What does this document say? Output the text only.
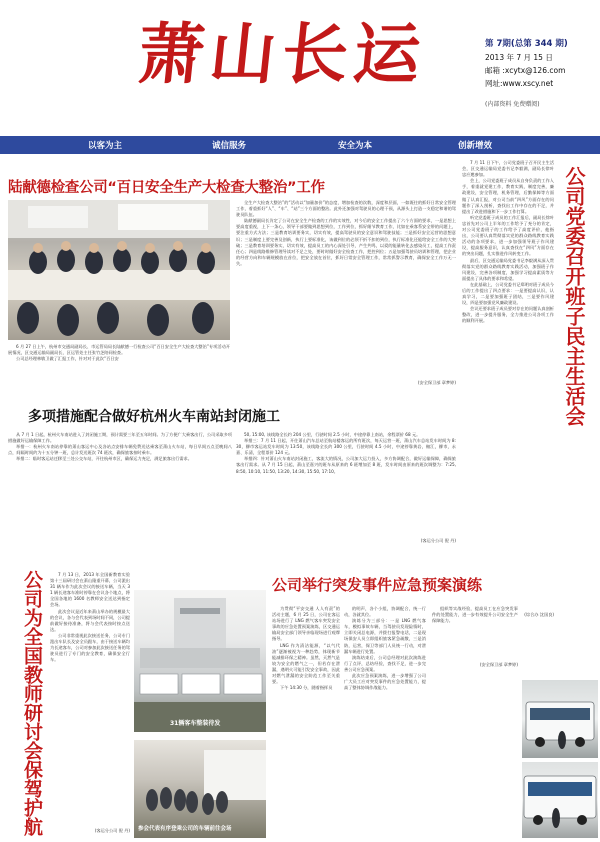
萧山长运	第 7期(总第 344 期)
2013 年 7 月 15 日
邮箱 :xcytx@126.com
网址:www.xscy.net
(内部资料 免费赠阅)
以客为主	诚信服务	安全为本	创新增效
陆献德检查公司“百日安全生产大检查大整治”工作

6 月 27 日上午，杭州市交通局副局长、市运管局局长陆献德一行检查公司“百日安全生产大检查大整治”专项活动开展情况，区交通运输局副局长、区运管处主任张竹芝陪同检查。

公司总经理林敏卫做了汇报工作，针对对于此次“百日安

全生产大检查大整治”的“活动以“加量加价”的态度，增加检查的次数，深度和层面，一如既往的抓好日常安全管理工作，着重抓好“人”、“车”、“站”三个方面的整治。此外还加强对驾驶员的心理干预，从源头上打造一支稳定和谐的驾驶员队伍。

陆献德副局长肯定了公司在安全生产检查的工作的实效性，对今后的安全工作提出了六个方面的要求，一是思想上要高度重视，上下一条心，领导干部要做到思想到位，工作到位，抓好细节教育工作，比如在乘客系安全带的问题上，要注重方式方法；三是教育培训要务实，切实有效，提高驾驶员的安全意识和驾驶技能；三是抓好安全运营的思想意识；三是制度上要完善及创新，执行上要标准化，该做到位的必须不折不扣的到位，执行标准化还能给安全工作的大突破；三是教育培训要务实，切实有效，提高员工的内心深处引导，产生共鸣，以爱的能量转化去感染员工，提高工作责任心；四是线路维修管理导读对不足之处，要时时做好安全检查工作，把控到位；五是加强驾驶员培训和管理，把企业的经营方向和车辆规模放在首位，把安全放在首位，抓好日常安全管理工作，常常抓警示教育，确保安全工作万无一失。

(安全保卫部 章梦婷)
多项措施配合做好杭州火车南站封闭施工

从 7 月 1 日起，杭州火车南站进入了封闭施工期，预计需要三年至五年时间。为了方便广大乘客出行，公司采取多项措施做好运输保障工作。

举措一：杭州火车南站停靠的萧山客运中心及各站点安排车辆免费送达乘客至萧山火车站，每日早间五点至晚间八点，间隔时间约为十五分钟一班，总计发送班次 74 班次，确保旅客按时乘车。

举措二：临时客运站迁移至三处公交车站，开往杭州市区，确保运力充足，满足旅客出行需求。

50, 15:00, 该线路全长约 204 公里，行驶时间 2.5 小时，中途停靠上南站，余程票价 68 元。

举措三：7 月 11 日起，开往萧山汽车总站至航站楼客运的所有班次，每天运营一班，萧山汽车总站发车时间为 8:30，柳市客运站发车时间为 13:50，该线路全长约 300 公里，行驶时间 4.5 小时，中途停靠黄岩，椒江，柳市，永嘉、乐清，全程票价 124 元。

举措四：针对萧山火车南站封闭施工，客流大的情况，公司加大运力投入，多方协调配合，做好运输保障，确保旅客出行需求。从 7 月 15 日起，萧山至嘉兴的班车从原来的 6 班增加至 8 班，发车时间由原来的班次调整为：7:25, 8:50, 10:10, 11:50, 13:20, 14:30, 15:50, 17:10。

(客运分公司 倪 丹)

7 月 11 日下午，公司党委班子召开民主生活会，区交通运输局党委书记李毅满，副局长徐叶忠应邀参加。

会上，公司党委班子成员从自身负责的工作入手，着重就党建工作，教育实践，制度完善，廉政建设，安全管理，机务管理，后勤保障等方面做了认真汇报，对公司当前“四风”方面存在的问题作了深入剖析，查找出工作中存在的不足，并提出了改进措施和下一步工作打算。

听完党委班子成员的工作汇报后，副局长徐叶忠首先对公司上半年的工作给予了充分的肯定，对公司党委班子的工作给予了高度评价，他指出，公司要认真贯彻落实党的群众路线教育实践活动的各项要求，进一步加强领导班子作风建设，提高服务意识，认真查找在“四风”方面存在的突出问题，扎实推进作风转变工作。

最后，区交通运输局党委书记李毅满从深入贯彻落实党的群众路线教育实践活动，加强班子作风建设，完善各项制度，加强学习提高素质等方面提出了具体的要求和希望。

在此基础上，公司党委书记郑明对班子成员今后的工作提出了四点要求：一是要提高认识，认真学习，二是要加强班子团结，三是要作风建设，四是要加强党风廉政建设。

会议还要求班子成员要对存在的问题认真剖析整改，进一步提升服务，全力推进公司各项工作的顺利开展。

(综合办 沈国良)
公司党委召开班子民主生活会
公司为全国教师研讨会保驾护航	7 月 13 日，2013 年全国新教育实验第十三届研讨会在萧山隆重开幕，公司派出 31 辆车作为此次会议的接送车辆，当天 31 辆长途客车准时停靠在会议各个地点，将全国各地的 1600 名教师安全送达到指定会场。

此次会议是近年来萧山举办的规模最大的会议，各与会代表到场时间不同，公司提前做好接待准备，将与会代表按时按点送达。

公司非常重视此次接送任务，公司专门派出车队长及安全员跟车，由于接送车辆均为长途客车，公司对参加此次接送任务的驾驶员进行了专门的安全教育，确保安全行车。

(客运分公司 倪 丹)
31辆客车整装待发
参会代表有序登乘公司的车辆前往会场
公司举行突发事件应急预案演练

为贯彻“平安交通 人人有责”的活动主题，6 月 25 日，公司在客运站场进行了 LNG 燃气客车突发安全事故的应急处置预案演练，区交通运输局安全部门领导亲临现场进行观摩指导。

LNG 作为清洁能源，“以气代油”逐渐被视为一种趋势，体现新节能减排环保之精神。虽然，天然气是较为安全的燃气之一，但若存在泄漏，遇明火可能引发安全事故，因此对燃气泄漏的安全防范工作至关重要。

下午 14:30 分，随着指挥员

的明声，各个小组，协调配合，统一行动，各就其位。

演练分为三部分：一是 LNG 燃气客车，模拟事故车辆，当驾驶员发现险情时，立即关闭总电源，并拨打报警电话，二是现场保安人员立即组织旅客紧急疏散，三是消防，运营，保卫等部门人员统一行动，对泄漏车辆进行处置。

演练结束后，公司总经理对此次演练进行了点评，总结经验，查找不足，进一步完善公司应急预案。

此次应急预案演练，进一步增强了公司广大员工应对突发事件的应急处置能力，提高了整体协调作战能力。

组织等实战经验，提高员工在应急突发事件的处置能力，进一步有效提升公司安全生产保障能力。

(安全保卫部 章梦婷)
